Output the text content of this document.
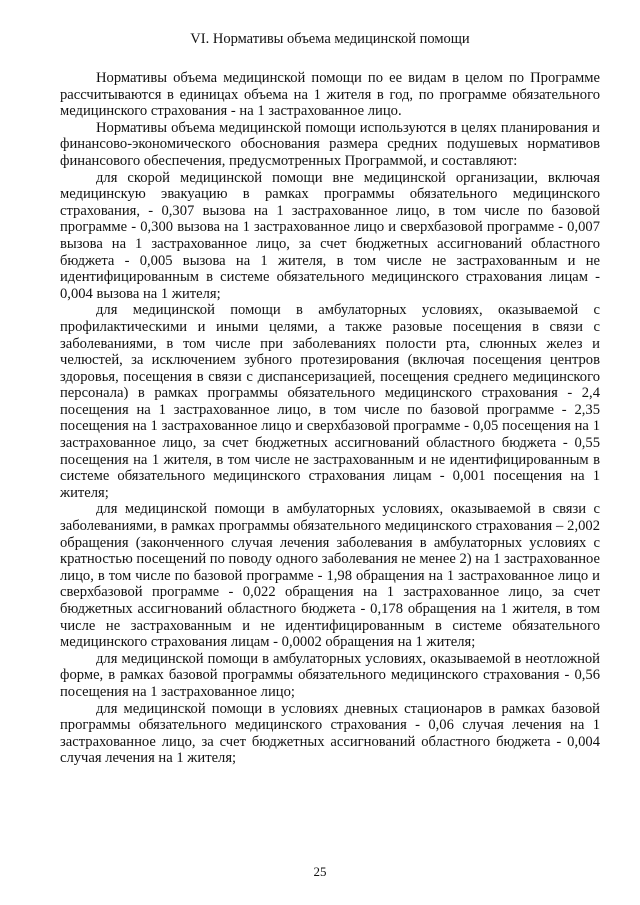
VI. Нормативы объема медицинской помощи

Нормативы объема медицинской помощи по ее видам в целом по Программе рассчитываются в единицах объема на 1 жителя в год, по программе обязательного медицинского страхования - на 1 застрахованное лицо.

Нормативы объема медицинской помощи используются в целях планирования и финансово-экономического обоснования размера средних подушевых нормативов финансового обеспечения, предусмотренных Программой, и составляют:

для скорой медицинской помощи вне медицинской организации, включая медицинскую эвакуацию в рамках программы обязательного медицинского страхования, - 0,307 вызова на 1 застрахованное лицо, в том числе по базовой программе - 0,300 вызова на 1 застрахованное лицо и сверхбазовой программе - 0,007 вызова на 1 застрахованное лицо, за счет бюджетных ассигнований областного бюджета - 0,005 вызова на 1 жителя, в том числе не застрахованным и не идентифицированным в системе обязательного медицинского страхования лицам - 0,004 вызова на 1 жителя;

для медицинской помощи в амбулаторных условиях, оказываемой с профилактическими и иными целями, а также разовые посещения в связи с заболеваниями, в том числе при заболеваниях полости рта, слюнных желез и челюстей, за исключением зубного протезирования (включая посещения центров здоровья, посещения в связи с диспансеризацией, посещения среднего медицинского персонала) в рамках программы обязательного медицинского страхования - 2,4 посещения на 1 застрахованное лицо, в том числе по базовой программе - 2,35 посещения на 1 застрахованное лицо и сверхбазовой программе - 0,05 посещения на 1 застрахованное лицо, за счет бюджетных ассигнований областного бюджета - 0,55 посещения на 1 жителя, в том числе не застрахованным и не идентифицированным в системе обязательного медицинского страхования лицам - 0,001 посещения на 1 жителя;

для медицинской помощи в амбулаторных условиях, оказываемой в связи с заболеваниями, в рамках программы обязательного медицинского страхования – 2,002 обращения (законченного случая лечения заболевания в амбулаторных условиях с кратностью посещений по поводу одного заболевания не менее 2) на 1 застрахованное лицо, в том числе по базовой программе - 1,98 обращения на 1 застрахованное лицо и сверхбазовой программе - 0,022 обращения на 1 застрахованное лицо, за счет бюджетных ассигнований областного бюджета - 0,178 обращения на 1 жителя, в том числе не застрахованным и не идентифицированным в системе обязательного медицинского страхования лицам - 0,0002 обращения на 1 жителя;

для медицинской помощи в амбулаторных условиях, оказываемой в неотложной форме, в рамках базовой программы обязательного медицинского страхования - 0,56 посещения на 1 застрахованное лицо;

для медицинской помощи в условиях дневных стационаров в рамках базовой программы обязательного медицинского страхования - 0,06 случая лечения на 1 застрахованное лицо, за счет бюджетных ассигнований областного бюджета - 0,004 случая лечения на 1 жителя;

25
